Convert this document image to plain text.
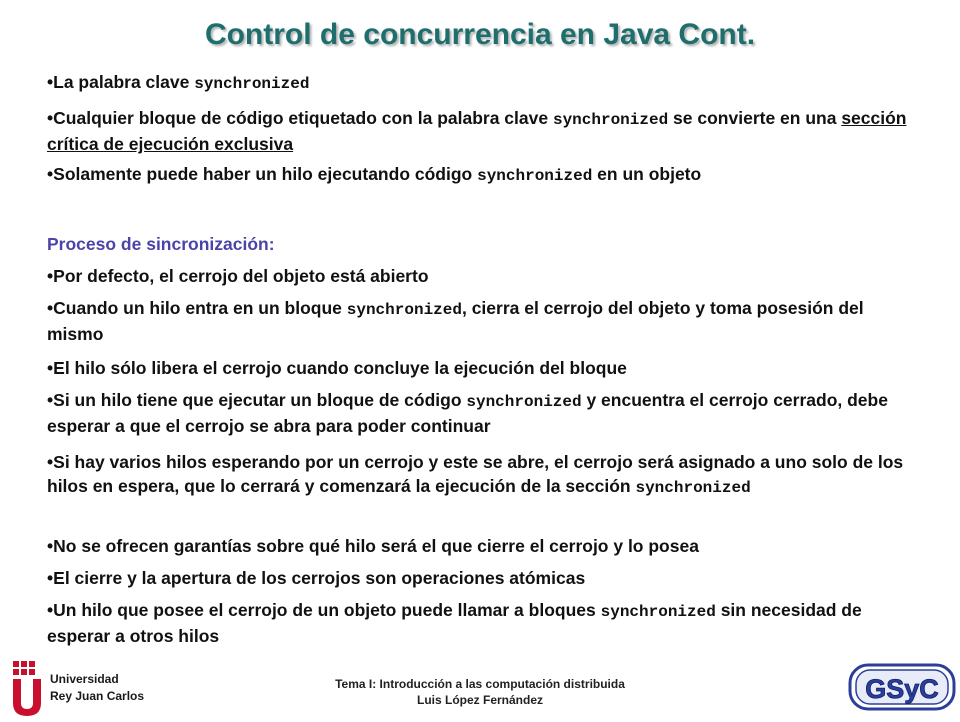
Control de concurrencia en Java Cont.
•La palabra clave synchronized
•Cualquier bloque de código etiquetado con la palabra clave synchronized se convierte en una sección crítica de ejecución exclusiva
•Solamente puede haber un hilo ejecutando código synchronized en un objeto
Proceso de sincronización:
•Por defecto, el cerrojo del objeto está abierto
•Cuando un hilo entra en un bloque synchronized, cierra el cerrojo del objeto y toma posesión del mismo
•El hilo sólo libera el cerrojo cuando concluye la ejecución del bloque
•Si un hilo tiene que ejecutar un bloque de código synchronized y encuentra el cerrojo cerrado, debe esperar a que el cerrojo se abra para poder continuar
•Si hay varios hilos esperando por un cerrojo y este se abre, el cerrojo será asignado a uno solo de los hilos en espera, que lo cerrará y comenzará la ejecución de la sección synchronized
•No se ofrecen garantías sobre qué hilo será el que cierre el cerrojo y lo posea
•El cierre y la apertura de los cerrojos son operaciones atómicas
•Un hilo que posee el cerrojo de un objeto puede llamar a bloques synchronized sin necesidad de esperar a otros hilos
Universidad
Rey Juan Carlos
Tema I: Introducción a las computación distribuida
Luis López Fernández	GSyC
